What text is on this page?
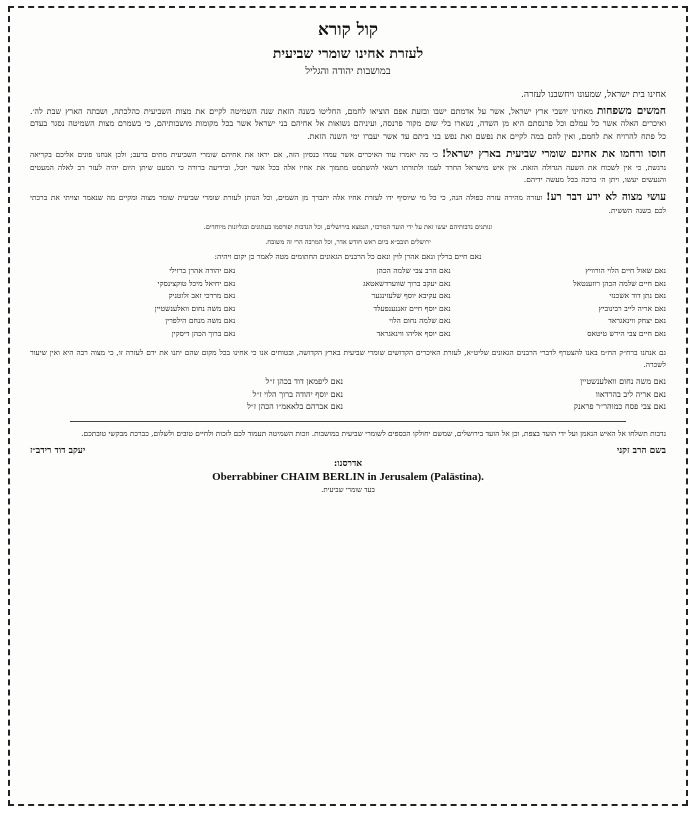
קול קורא
לעזרת אחינו שומרי שביעית
במושבות יהודה והגליל
אחינו בית ישראל, שמעונו ויחשבנו לעזרה.

חמשים משפחות מאחינו יושבי ארץ ישראל, אשר על אדמתם ישבו ובזעת אפם הוציאו לחמם, החליטו בשנה הזאת שנה השמיטה לקיים את מצות השביעית כהלכתה, ושבתה הארץ שבת לה׳. ואיכרים האלה אשר כל עמלם וכל פרנסתם היא מן השדה, נשארו בלי שום מקור פרנסה, ועיניהם נשואות אל אחיהם בני ישראל אשר בכל מקומות מושבותיהם, כי בשמרם מצות השמיטה נסגר בעדם כל פתח להרויח את לחמם, ואין להם במה לקיים את נפשם ואת נפש בני ביתם עד אשר יעברו ימי השנה הזאת.

חוסו ורחמו את אחינם שומרי שביעית בארץ ישראל! כי מה יאמרו עוד האיכרים אשר עמדו בנסיון הזה, אם יראו את אחיהם שומרי השביעית מתים ברעב; ולכן אנחנו פונים אליכם בקריאה נרגשת, כי אין לשכוח את השעה הגדולה הזאת. אין איש מישראל החרד לעמו ולתורתו רשאי להשתמט מתמוך את אחיו אלה בכל אשר יוכל, ובידיעה ברורה כי המעט שיתן היום יהיה לעזר רב לאלה המעטים והנעשים יעשו, ויתן ה׳ ברכה בכל מעשה ידיהם.

עושי מצוה לא ידע דבר רע! ועזרה מהירה עזרה כפולה הנה, כי כל מי שיוסיף ידו לעזרת אחיו אלה יתברך מן השמים, וכל הנותן לעזרת שומרי שביעית שומר מצוה ומקיים מה שנאמר וצויתי את ברכתי לכם בשנה הששית.

ונותנים נדבותיהם יעשו זאת על ידי הועד המרכזי, הנמצא בירושלים, וכל הנדבות יפורסמו בעתונים ובגליונות מיוחדים.
ירושלים תובב״א ביום ראש חודש אדר, וכל המרבה הרי זה משובח.
נאם חיים ברלין ונאם אהרן לוין ונאם כל הרבנים הגאונים החתומים מטה לאמר כן יקום ויהיה:
נאם שאול חיים הלוי הורוויץ
נאם הרב צבי שלמה הכהן
נאם יהודה אהרן ברזילי
נאם חיים שלמה הכהן רוזענטאל
נאם יעקב ברוך שווערדשאטאג
נאם יחיאל מיכל טוקצינסקי
נאם נתן דוד אשכנזי
נאם עקיבא יוסף שלעזינגער
נאם מרדכי זאב זלוטניק
נאם אריה לייב רבינוביץ
נאם יוסף חיים זאננענפעלד
נאם משה נחום וואלענשטיין
נאם יצחק ווינאגראד
נאם שלמה נחום הלוי
נאם משה מנחם הילפרין
נאם חיים צבי הירש טיטאס
נאם יוסף אליהו ווינאגראד
נאם ברוך הכהן דיסקין

גם אנחנו ברח״ק הח״מ באנו להצטרף לדברי הרבנים הגאונים שליט״א, לעזרת האיכרים הקדושים שומרי שביעית בארץ הקדושה, ובטוחים אנו כי אחינו בכל מקום שהם יתנו את ידם לעזרה זו, כי מצוה רבה היא ואין שיעור לשכרה.

נאם משה נחום וואלענשטיין
נאם ליפמאן דוד בכהן ז״ל
נאם אריה ליב בהרדאוו
נאם יוסף יהודה ברוך הלוי ז״ל
נאם צבי פסח כמוהר״ר פראנק
נאם אברהם בלאאמ״ו הכהן ז״ל

נדבות תשלחו אל האיש הנאמן ועל ידי הועד בצפת, וכן אל הועד בירושלים, שמשם יחולקו הכספים לשומרי שביעית במושבות. וזכות השמיטה תעמוד לכם לזכות ולחיים טובים ולשלום, כברכת מבקשי טובתכם.

בשם הרב זקני
יעקב דוד רידב״ז
אדרסנו:
Oberrabbiner CHAIM BERLIN in Jerusalem (Palästina).
בעד שומרי שביעית.
